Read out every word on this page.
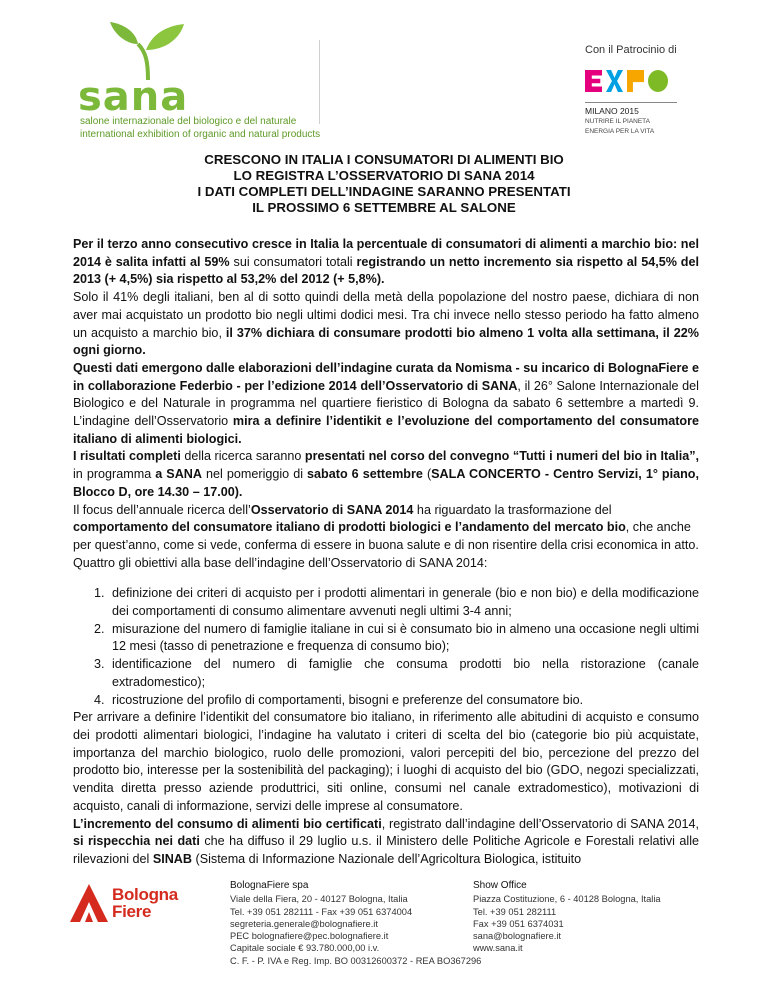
sana
salone internazionale del biologico e del naturale
international exhibition of organic and natural products
Con il Patrocinio di
MILANO 2015
NUTRIRE IL PIANETA
ENERGIA PER LA VITA
CRESCONO IN ITALIA I CONSUMATORI DI ALIMENTI BIO
LO REGISTRA L’OSSERVATORIO DI SANA 2014
I DATI COMPLETI DELL’INDAGINE SARANNO PRESENTATI
IL PROSSIMO 6 SETTEMBRE AL SALONE

Per il terzo anno consecutivo cresce in Italia la percentuale di consumatori di alimenti a marchio bio: nel 2014 è salita infatti al 59% sui consumatori totali registrando un netto incremento sia rispetto al 54,5% del 2013 (+ 4,5%) sia rispetto al 53,2% del 2012 (+ 5,8%).

Solo il 41% degli italiani, ben al di sotto quindi della metà della popolazione del nostro paese, dichiara di non aver mai acquistato un prodotto bio negli ultimi dodici mesi. Tra chi invece nello stesso periodo ha fatto almeno un acquisto a marchio bio, il 37% dichiara di consumare prodotti bio almeno 1 volta alla settimana, il 22% ogni giorno.

Questi dati emergono dalle elaborazioni dell’indagine curata da Nomisma - su incarico di BolognaFiere e in collaborazione Federbio - per l’edizione 2014 dell’Osservatorio di SANA, il 26° Salone Internazionale del Biologico e del Naturale in programma nel quartiere fieristico di Bologna da sabato 6 settembre a martedì 9. L’indagine dell’Osservatorio mira a definire l’identikit e l’evoluzione del comportamento del consumatore italiano di alimenti biologici.

I risultati completi della ricerca saranno presentati nel corso del convegno “Tutti i numeri del bio in Italia”, in programma a SANA nel pomeriggio di sabato 6 settembre (SALA CONCERTO - Centro Servizi, 1° piano, Blocco D, ore 14.30 – 17.00).

Il focus dell’annuale ricerca dell’Osservatorio di SANA 2014 ha riguardato la trasformazione del comportamento del consumatore italiano di prodotti biologici e l’andamento del mercato bio, che anche per quest’anno, come si vede, conferma di essere in buona salute e di non risentire della crisi economica in atto. Quattro gli obiettivi alla base dell’indagine dell’Osservatorio di SANA 2014:

1. definizione dei criteri di acquisto per i prodotti alimentari in generale (bio e non bio) e della modificazione dei comportamenti di consumo alimentare avvenuti negli ultimi 3-4 anni;
2. misurazione del numero di famiglie italiane in cui si è consumato bio in almeno una occasione negli ultimi 12 mesi (tasso di penetrazione e frequenza di consumo bio);
3. identificazione del numero di famiglie che consuma prodotti bio nella ristorazione (canale extradomestico);
4. ricostruzione del profilo di comportamenti, bisogni e preferenze del consumatore bio.

Per arrivare a definire l’identikit del consumatore bio italiano, in riferimento alle abitudini di acquisto e consumo dei prodotti alimentari biologici, l’indagine ha valutato i criteri di scelta del bio (categorie bio più acquistate, importanza del marchio biologico, ruolo delle promozioni, valori percepiti del bio, percezione del prezzo del prodotto bio, interesse per la sostenibilità del packaging); i luoghi di acquisto del bio (GDO, negozi specializzati, vendita diretta presso aziende produttrici, siti online, consumi nel canale extradomestico), motivazioni di acquisto, canali di informazione, servizi delle imprese al consumatore.

L’incremento del consumo di alimenti bio certificati, registrato dall’indagine dell’Osservatorio di SANA 2014, si rispecchia nei dati che ha diffuso il 29 luglio u.s. il Ministero delle Politiche Agricole e Forestali relativi alle rilevazioni del SINAB (Sistema di Informazione Nazionale dell’Agricoltura Biologica, istituito

Bologna
Fiere
BolognaFiere spa
Viale della Fiera, 20 - 40127 Bologna, Italia
Tel. +39 051 282111 - Fax +39 051 6374004
segreteria.generale@bolognafiere.it
PEC bolognafiere@pec.bolognafiere.it
Capitale sociale € 93.780.000,00 i.v.
C. F. - P. IVA e Reg. Imp. BO 00312600372 - REA BO367296
Show Office
Piazza Costituzione, 6 - 40128 Bologna, Italia
Tel. +39 051 282111
Fax +39 051 6374031
sana@bolognafiere.it
www.sana.it
